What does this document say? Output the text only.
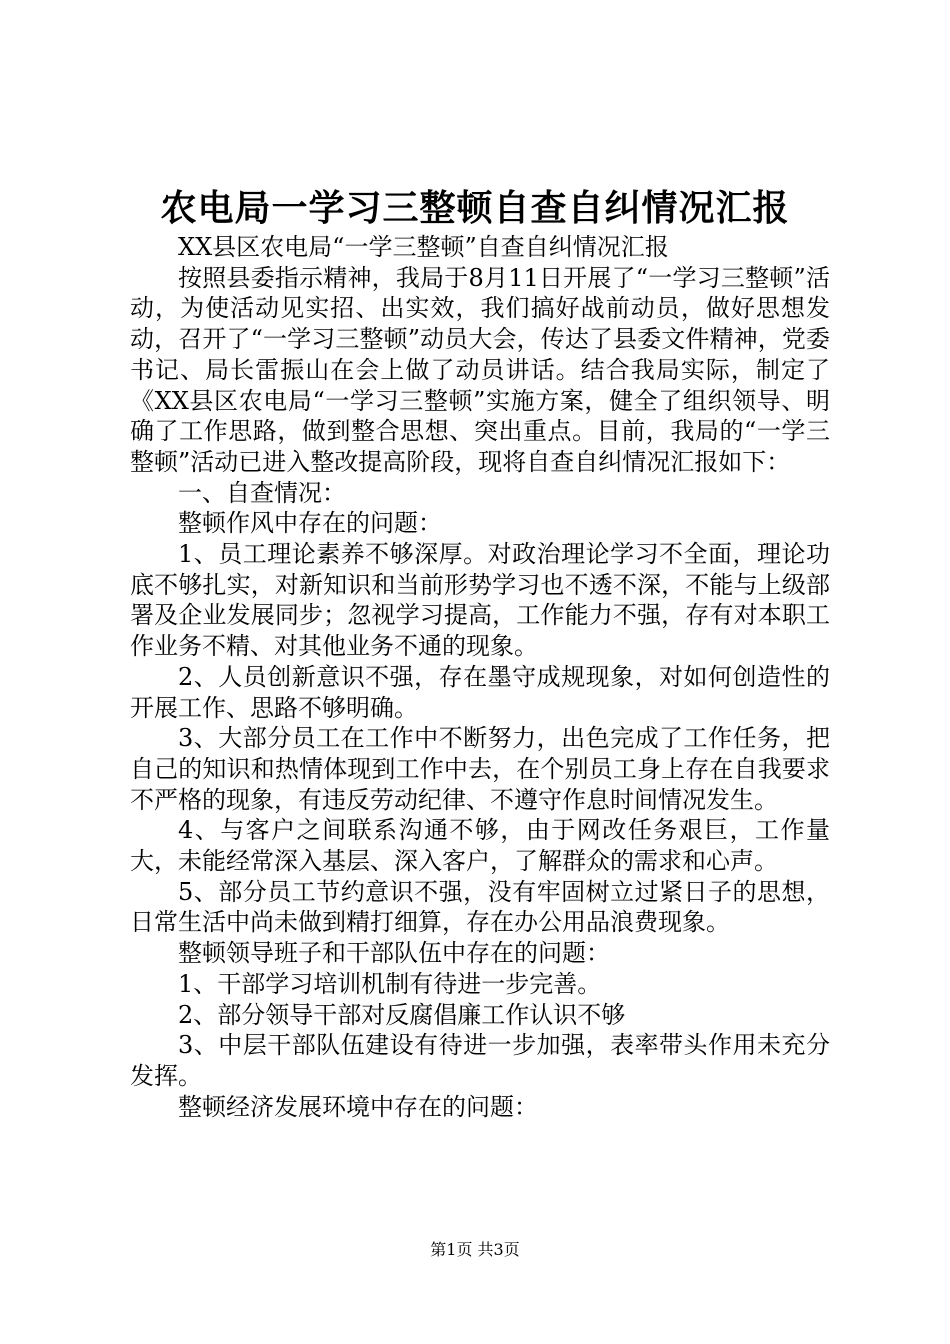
农电局一学习三整顿自查自纠情况汇报

XX县区农电局“一学三整顿”自查自纠情况汇报

按照县委指示精神，我局于8月11日开展了“一学习三整顿”活动，为使活动见实招、出实效，我们搞好战前动员，做好思想发动，召开了“一学习三整顿”动员大会，传达了县委文件精神，党委书记、局长雷振山在会上做了动员讲话。结合我局实际，制定了《XX县区农电局“一学习三整顿”实施方案，健全了组织领导、明确了工作思路，做到整合思想、突出重点。目前，我局的“一学三整顿”活动已进入整改提高阶段，现将自查自纠情况汇报如下：

一、自查情况：

整顿作风中存在的问题：

1、员工理论素养不够深厚。对政治理论学习不全面，理论功底不够扎实，对新知识和当前形势学习也不透不深，不能与上级部署及企业发展同步；忽视学习提高，工作能力不强，存有对本职工作业务不精、对其他业务不通的现象。

2、人员创新意识不强，存在墨守成规现象，对如何创造性的开展工作、思路不够明确。

3、大部分员工在工作中不断努力，出色完成了工作任务，把自己的知识和热情体现到工作中去，在个别员工身上存在自我要求不严格的现象，有违反劳动纪律、不遵守作息时间情况发生。

4、与客户之间联系沟通不够，由于网改任务艰巨，工作量大，未能经常深入基层、深入客户，了解群众的需求和心声。

5、部分员工节约意识不强，没有牢固树立过紧日子的思想，日常生活中尚未做到精打细算，存在办公用品浪费现象。

整顿领导班子和干部队伍中存在的问题：

1、干部学习培训机制有待进一步完善。

2、部分领导干部对反腐倡廉工作认识不够

3、中层干部队伍建设有待进一步加强，表率带头作用未充分发挥。

整顿经济发展环境中存在的问题：

第1页 共3页
